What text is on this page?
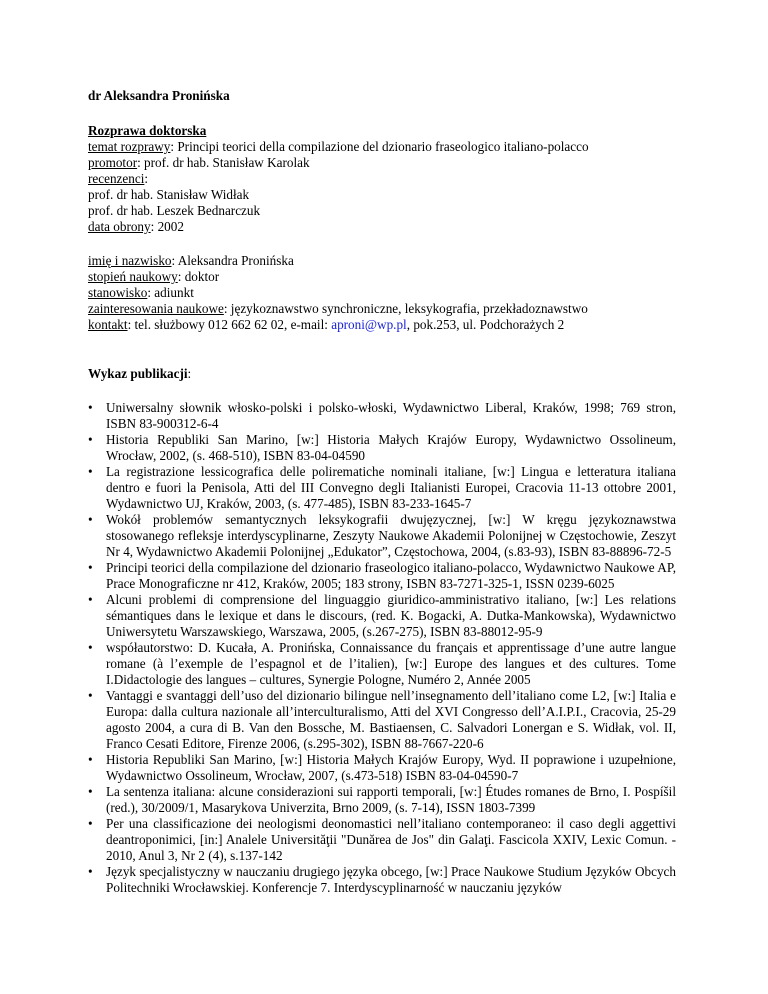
dr Aleksandra Pronińska

Rozprawa doktorska
temat rozprawy: Principi teorici della compilazione del dzionario fraseologico italiano-polacco
promotor: prof. dr hab. Stanisław Karolak
recenzenci:
prof. dr hab. Stanisław Widłak
prof. dr hab. Leszek Bednarczuk
data obrony: 2002
imię i nazwisko: Aleksandra Pronińska
stopień naukowy: doktor
stanowisko: adiunkt
zainteresowania naukowe: językoznawstwo synchroniczne, leksykografia, przekładoznawstwo
kontakt: tel. służbowy 012 662 62 02, e-mail: aproni@wp.pl, pok.253, ul. Podchorażych 2
Wykaz publikacji:
• Uniwersalny słownik włosko-polski i polsko-włoski, Wydawnictwo Liberal, Kraków, 1998; 769 stron, ISBN 83-900312-6-4
• Historia Republiki San Marino, [w:] Historia Małych Krajów Europy, Wydawnictwo Ossolineum, Wrocław, 2002, (s. 468-510), ISBN 83-04-04590
• La registrazione lessicografica delle polirematiche nominali italiane, [w:] Lingua e letteratura italiana dentro e fuori la Penisola, Atti del III Convegno degli Italianisti Europei, Cracovia 11-13 ottobre 2001, Wydawnictwo UJ, Kraków, 2003, (s. 477-485), ISBN 83-233-1645-7
• Wokół problemów semantycznych leksykografii dwujęzycznej, [w:] W kręgu językoznawstwa stosowanego refleksje interdyscyplinarne, Zeszyty Naukowe Akademii Polonijnej w Częstochowie, Zeszyt Nr 4, Wydawnictwo Akademii Polonijnej „Edukator”, Częstochowa, 2004, (s.83-93), ISBN 83-88896-72-5
• Principi teorici della compilazione del dzionario fraseologico italiano-polacco, Wydawnictwo Naukowe AP, Prace Monograficzne nr 412, Kraków, 2005; 183 strony, ISBN 83-7271-325-1, ISSN 0239-6025
• Alcuni problemi di comprensione del linguaggio giuridico-amministrativo italiano, [w:] Les relations sémantiques dans le lexique et dans le discours, (red. K. Bogacki, A. Dutka-Mankowska), Wydawnictwo Uniwersytetu Warszawskiego, Warszawa, 2005, (s.267-275), ISBN 83-88012-95-9
• współautorstwo: D. Kucała, A. Pronińska, Connaissance du français et apprentissage d’une autre langue romane (à l’exemple de l’espagnol et de l’italien), [w:] Europe des langues et des cultures. Tome I.Didactologie des langues – cultures, Synergie Pologne, Numéro 2, Année 2005
• Vantaggi e svantaggi dell’uso del dizionario bilingue nell’insegnamento dell’italiano come L2, [w:] Italia e Europa: dalla cultura nazionale all’interculturalismo, Atti del XVI Congresso dell’A.I.P.I., Cracovia, 25-29 agosto 2004, a cura di B. Van den Bossche, M. Bastiaensen, C. Salvadori Lonergan e S. Widłak, vol. II, Franco Cesati Editore, Firenze 2006, (s.295-302), ISBN 88-7667-220-6
• Historia Republiki San Marino, [w:] Historia Małych Krajów Europy, Wyd. II poprawione i uzupełnione, Wydawnictwo Ossolineum, Wrocław, 2007, (s.473-518) ISBN 83-04-04590-7
• La sentenza italiana: alcune considerazioni sui rapporti temporali, [w:] Études romanes de Brno, I. Pospíšil (red.), 30/2009/1, Masarykova Univerzita, Brno 2009, (s. 7-14), ISSN 1803-7399
• Per una classificazione dei neologismi deonomastici nell’italiano contemporaneo: il caso degli aggettivi deantroponimici, [in:] Analele Universităţii "Dunărea de Jos" din Galaţi. Fascicola XXIV, Lexic Comun. - 2010, Anul 3, Nr 2 (4), s.137-142
• Język specjalistyczny w nauczaniu drugiego języka obcego, [w:] Prace Naukowe Studium Języków Obcych Politechniki Wrocławskiej. Konferencje 7. Interdyscyplinarność w nauczaniu języków
